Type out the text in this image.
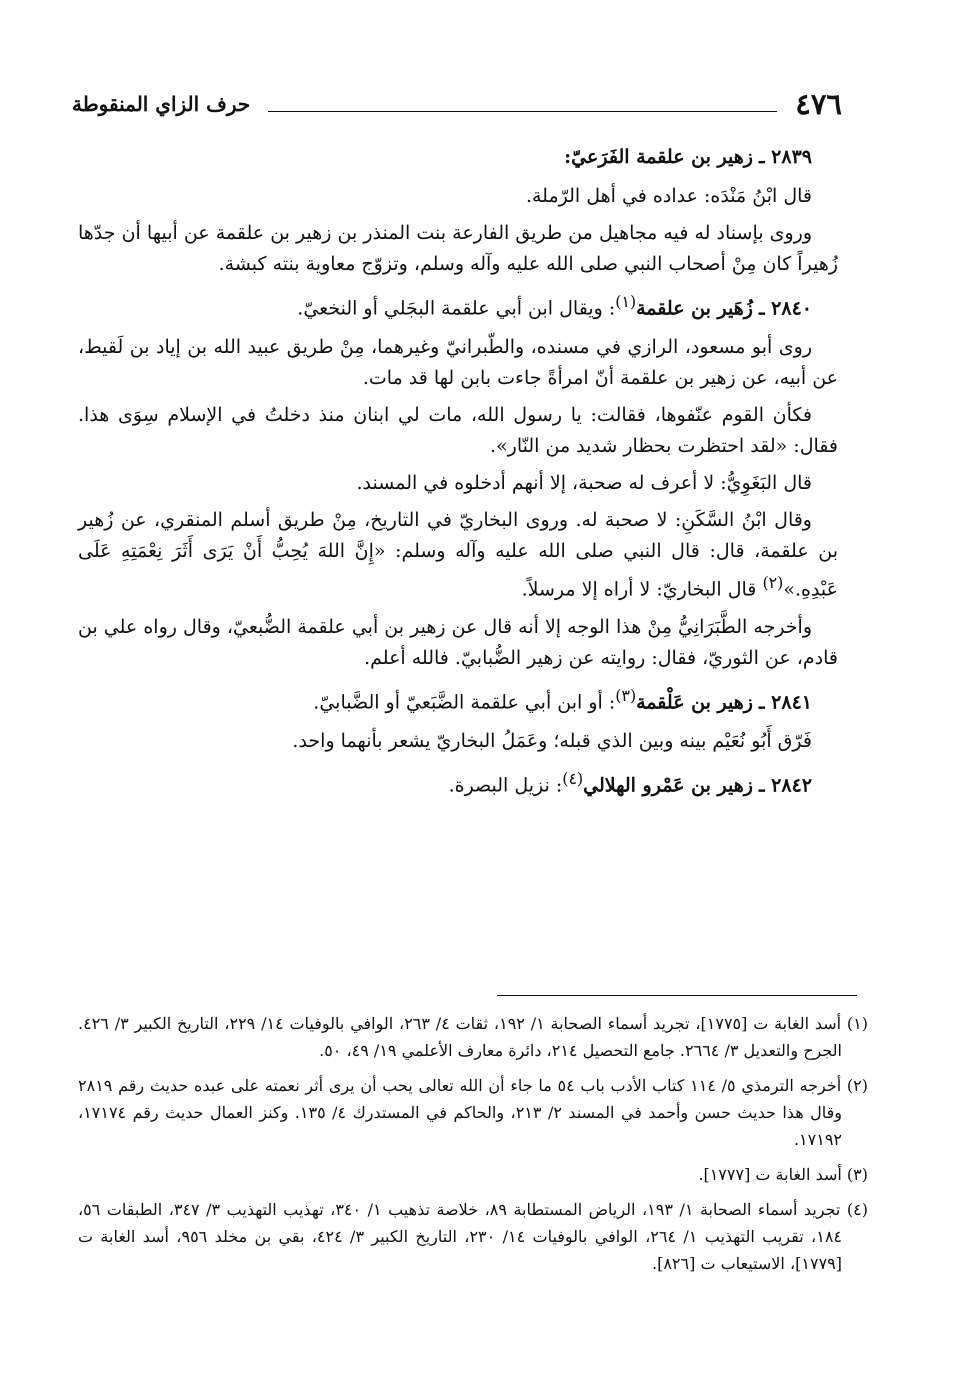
٤٧٦
حرف الزاي المنقوطة
٢٨٣٩ ـ زهير بن علقمة الفَرَعيّ:

قال ابْنُ مَنْدَه: عداده في أهل الرّملة.

وروى بإسناد له فيه مجاهيل من طريق الفارعة بنت المنذر بن زهير بن علقمة عن أبيها أن جدّها زُهيراً كان مِنْ أصحاب النبي صلى الله عليه وآله وسلم، وتزوّج معاوية بنته كبشة.

٢٨٤٠ ـ زُهَير بن علقمة$^{(١)}$: ويقال ابن أبي علقمة البجَلي أو النخعيّ.

روى أبو مسعود، الرازي في مسنده، والطّبرانيّ وغيرهما، مِنْ طريق عبيد الله بن إياد بن لَقيط، عن أبيه، عن زهير بن علقمة أنّ امرأةً جاءت بابن لها قد مات.

فكأن القوم عنّفوها، فقالت: يا رسول الله، مات لي ابنان منذ دخلتُ في الإسلام سِوَى هذا. فقال: «لقد احتظرت بحظار شديد من النّار».

قال البَغَوِيُّ: لا أعرف له صحبة، إلا أنهم أدخلوه في المسند.

وقال ابْنُ السَّكَنِ: لا صحبة له. وروى البخاريّ في التاريخ، مِنْ طريق أسلم المنقري، عن زُهير بن علقمة، قال: قال النبي صلى الله عليه وآله وسلم: «إِنَّ اللهَ يُحِبُّ أَنْ يَرَى أَثَرَ نِعْمَتِهِ عَلَى عَبْدِهِ.»$^{(٢)}$ قال البخاريّ: لا أراه إلا مرسلاً.

وأخرجه الطَّبَرَانِيُّ مِنْ هذا الوجه إلا أنه قال عن زهير بن أبي علقمة الضُّبعيّ، وقال رواه علي بن قادم، عن الثوريّ، فقال: روايته عن زهير الضُّبابيّ. فالله أعلم.

٢٨٤١ ـ زهير بن عَلْقمة$^{(٣)}$: أو ابن أبي علقمة الضَّبَعيّ أو الضَّبابيّ.

فَرّق أَبُو نُعَيْم بينه وبين الذي قبله؛ وعَمَلُ البخاريّ يشعر بأنهما واحد.

٢٨٤٢ ـ زهير بن عَمْرو الهلالي$^{(٤)}$: نزيل البصرة.

(١) أسد الغابة ت [١٧٧٥]، تجريد أسماء الصحابة ١/ ١٩٢، ثقات ٤/ ٢٦٣، الوافي بالوفيات ١٤/ ٢٢٩، التاريخ الكبير ٣/ ٤٢٦. الجرح والتعديل ٣/ ٢٦٦٤. جامع التحصيل ٢١٤، دائرة معارف الأعلمي ١٩/ ٤٩، ٥٠.

(٢) أخرجه الترمذي ٥/ ١١٤ كتاب الأدب باب ٥٤ ما جاء أن الله تعالى يحب أن يرى أثر نعمته على عبده حديث رقم ٢٨١٩ وقال هذا حديث حسن وأحمد في المسند ٢/ ٢١٣، والحاكم في المستدرك ٤/ ١٣٥. وكنز العمال حديث رقم ١٧١٧٤، ١٧١٩٢.

(٣) أسد الغابة ت [١٧٧٧].

(٤) تجريد أسماء الصحابة ١/ ١٩٣، الرياض المستطابة ٨٩، خلاصة تذهيب ١/ ٣٤٠، تهذيب التهذيب ٣/ ٣٤٧، الطبقات ٥٦، ١٨٤، تقريب التهذيب ١/ ٢٦٤، الوافي بالوفيات ١٤/ ٢٣٠، التاريخ الكبير ٣/ ٤٢٤، بقي بن مخلد ٩٥٦، أسد الغابة ت [١٧٧٩]، الاستيعاب ت [٨٢٦].
